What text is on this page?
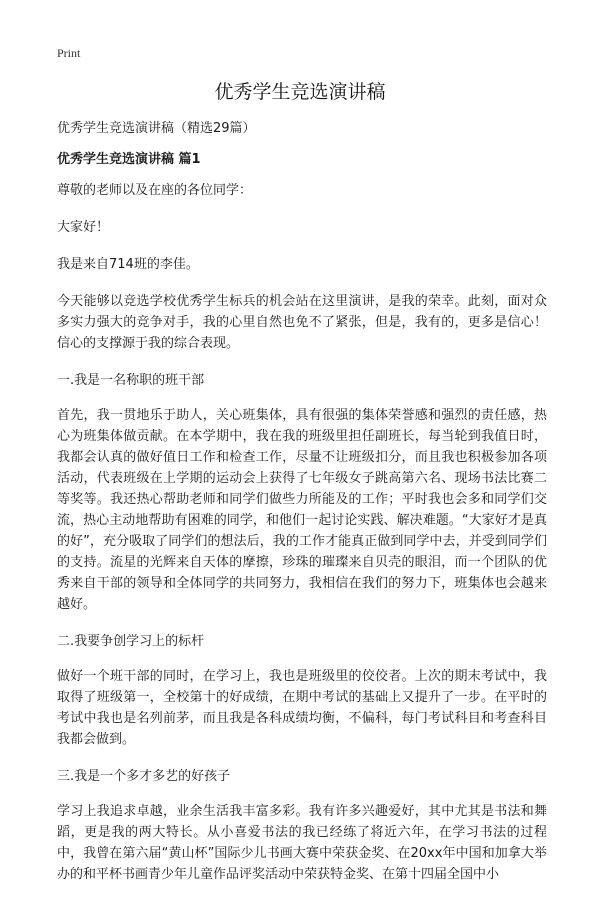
Print
优秀学生竞选演讲稿

优秀学生竞选演讲稿（精选29篇）

优秀学生竞选演讲稿 篇1

尊敬的老师以及在座的各位同学：

大家好！

我是来自714班的李佳。

今天能够以竞选学校优秀学生标兵的机会站在这里演讲，是我的荣幸。此刻，面对众多实力强大的竞争对手，我的心里自然也免不了紧张，但是，我有的，更多是信心！信心的支撑源于我的综合表现。

一.我是一名称职的班干部

首先，我一贯地乐于助人，关心班集体，具有很强的集体荣誉感和强烈的责任感，热心为班集体做贡献。在本学期中，我在我的班级里担任副班长，每当轮到我值日时，我都会认真的做好值日工作和检查工作，尽量不让班级扣分，而且我也积极参加各项活动，代表班级在上学期的运动会上获得了七年级女子跳高第六名、现场书法比赛二等奖等。我还热心帮助老师和同学们做些力所能及的工作；平时我也会多和同学们交流，热心主动地帮助有困难的同学，和他们一起讨论实践、解决难题。“大家好才是真的好”，充分吸取了同学们的想法后，我的工作才能真正做到同学中去，并受到同学们的支持。流星的光辉来自天体的摩擦，珍珠的璀璨来自贝壳的眼泪，而一个团队的优秀来自干部的领导和全体同学的共同努力，我相信在我们的努力下，班集体也会越来越好。

二.我要争创学习上的标杆

做好一个班干部的同时，在学习上，我也是班级里的佼佼者。上次的期末考试中，我取得了班级第一，全校第十的好成绩，在期中考试的基础上又提升了一步。在平时的考试中我也是名列前茅，而且我是各科成绩均衡，不偏科，每门考试科目和考查科目我都会做到。

三.我是一个多才多艺的好孩子

学习上我追求卓越，业余生活我丰富多彩。我有许多兴趣爱好，其中尤其是书法和舞蹈，更是我的两大特长。从小喜爱书法的我已经练了将近六年，在学习书法的过程中，我曾在第六届“黄山杯”国际少儿书画大赛中荣获金奖、在20xx年中国和加拿大举办的和平杯书画青少年儿童作品评奖活动中荣获特金奖、在第十四届全国中小
